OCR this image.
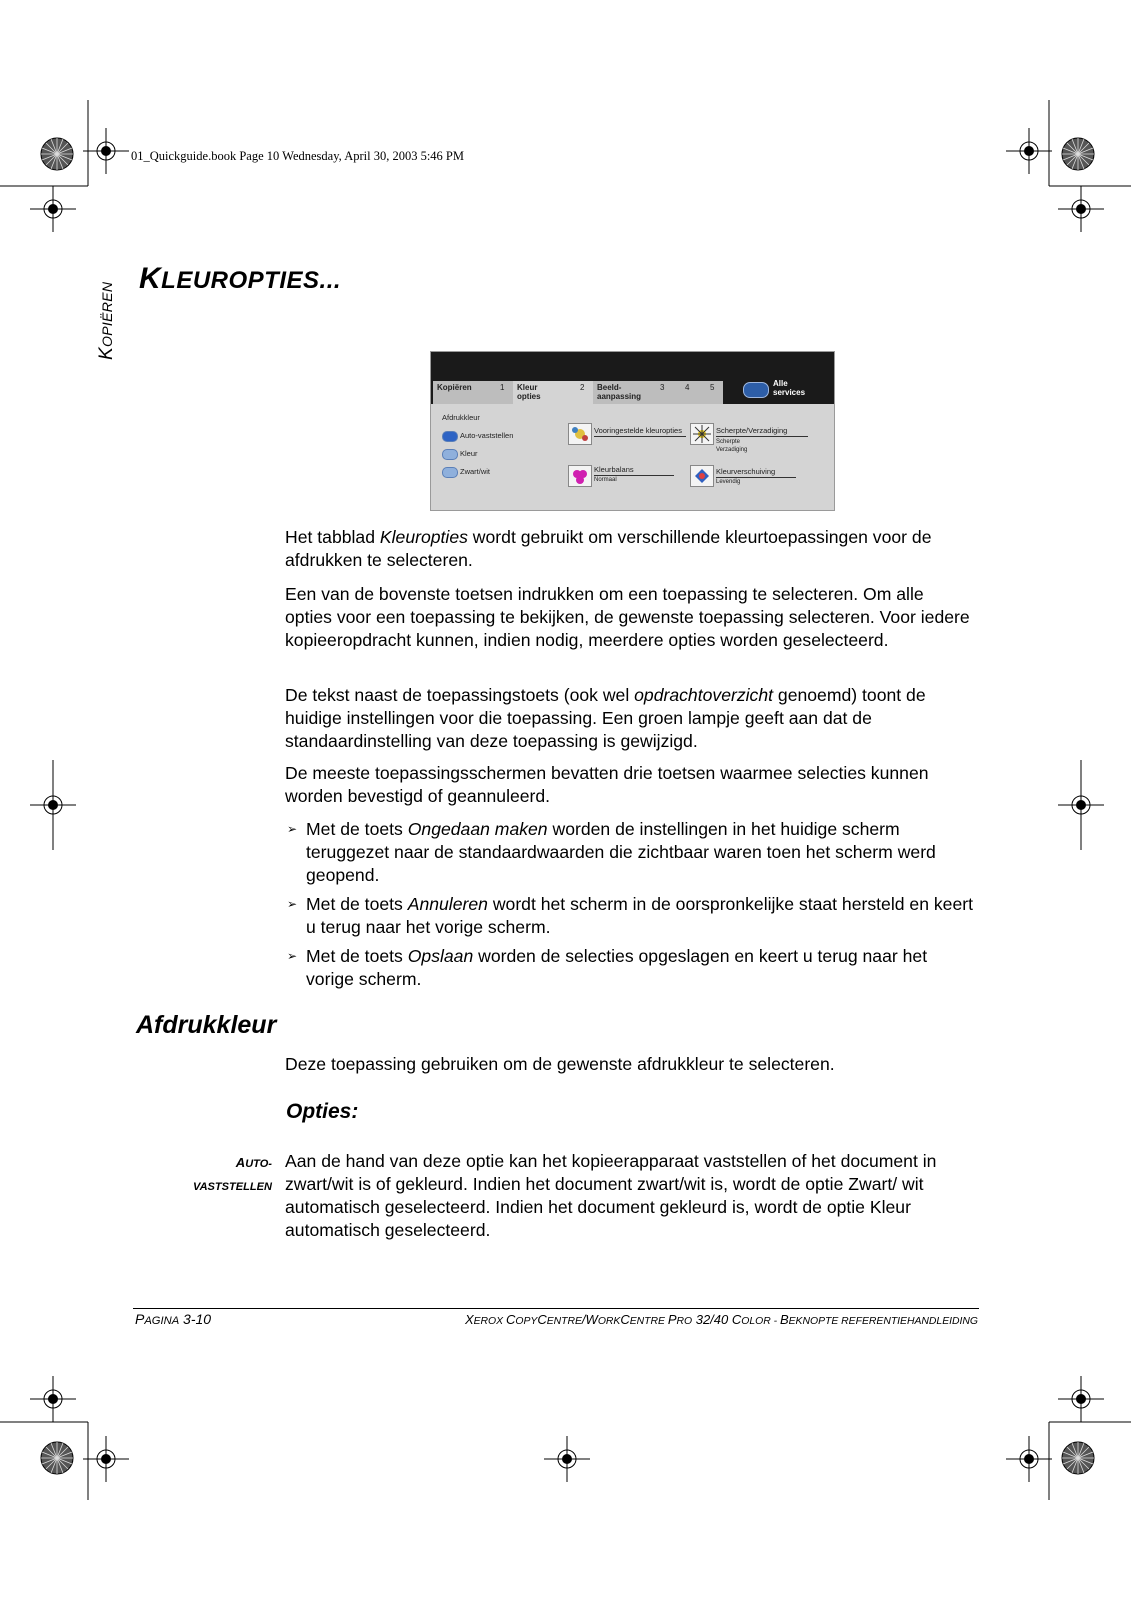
01_Quickguide.book Page 10 Wednesday, April 30, 2003 5:46 PM
KOPIËREN
KLEUROPTIES...
Kopiëren	Kleur
opties
Beeld-
aanpassing
1	2	3	4	5	Alle
services
Afdrukkleur
Auto-vaststellen
Kleur
Zwart/wit
Vooringestelde kleuropties	Scherpte/Verzadiging
Scherpte
Verzadiging
Kleurbalans
Normaal
Kleurverschuiving
Levendig

Het tabblad Kleuropties wordt gebruikt om verschillende kleurtoepassingen voor de afdrukken te selecteren.

Een van de bovenste toetsen indrukken om een toepassing te selecteren. Om alle opties voor een toepassing te bekijken, de gewenste toepassing selecteren. Voor iedere kopieeropdracht kunnen, indien nodig, meerdere opties worden geselecteerd.

De tekst naast de toepassingstoets (ook wel opdrachtoverzicht genoemd) toont de huidige instellingen voor die toepassing. Een groen lampje geeft aan dat de standaardinstelling van deze toepassing is gewijzigd.

De meeste toepassingsschermen bevatten drie toetsen waarmee selecties kunnen worden bevestigd of geannuleerd.

➢ Met de toets Ongedaan maken worden de instellingen in het huidige scherm teruggezet naar de standaardwaarden die zichtbaar waren toen het scherm werd geopend.
➢ Met de toets Annuleren wordt het scherm in de oorspronkelijke staat hersteld en keert u terug naar het vorige scherm.
➢ Met de toets Opslaan worden de selecties opgeslagen en keert u terug naar het vorige scherm.
Afdrukkleur

Deze toepassing gebruiken om de gewenste afdrukkleur te selecteren.

Opties:
AUTO-
VASTSTELLEN

Aan de hand van deze optie kan het kopieerapparaat vaststellen of het document in zwart/wit is of gekleurd. Indien het document zwart/wit is, wordt de optie Zwart/ wit automatisch geselecteerd. Indien het document gekleurd is, wordt de optie Kleur automatisch geselecteerd.

PAGINA 3-10	XEROX COPYCENTRE/WORKCENTRE PRO 32/40 COLOR - BEKNOPTE REFERENTIEHANDLEIDING
